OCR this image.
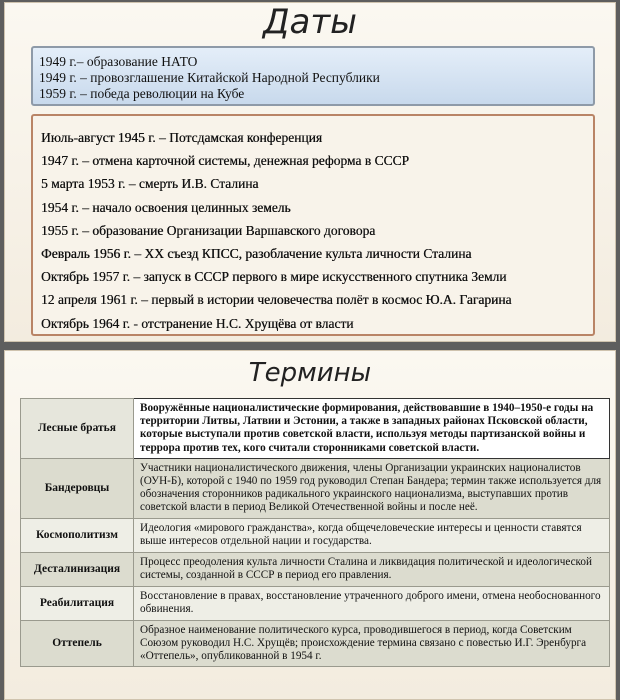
Даты
1949 г.– образование НАТО
1949 г. – провозглашение Китайской Народной Республики
1959 г. – победа революции на Кубе
Июль-август 1945 г. – Потсдамская конференция
1947 г. – отмена карточной системы, денежная реформа в СССР
5 марта 1953 г. – смерть И.В. Сталина
1954 г. – начало освоения целинных земель
1955 г. – образование Организации Варшавского договора
Февраль 1956 г. – ХХ съезд КПСС, разоблачение культа личности Сталина
Октябрь 1957 г. – запуск в СССР первого в мире искусственного спутника Земли
12 апреля 1961 г. – первый в истории человечества полёт в космос Ю.А. Гагарина
Октябрь 1964 г. - отстранение Н.С. Хрущёва от власти
Термины
Лесные братья	Вооружённые националистические формирования, действовавшие в 1940–1950-е годы на территории Литвы, Латвии и Эстонии, а также в западных районах Псковской области, которые выступали против советской власти, используя методы партизанской войны и террора против тех, кого считали сторонниками советской власти.
Бандеровцы	Участники националистического движения, члены Организации украинских националистов (ОУН-Б), которой с 1940 по 1959 год руководил Степан Бандера; термин также используется для обозначения сторонников радикального украинского национализма, выступавших против советской власти в период Великой Отечественной войны и после неё.
Космополитизм	Идеология «мирового гражданства», когда общечеловеческие интересы и ценности ставятся выше интересов отдельной нации и государства.
Десталинизация	Процесс преодоления культа личности Сталина и ликвидация политической и идеологической системы, созданной в СССР в период его правления.
Реабилитация	Восстановление в правах, восстановление утраченного доброго имени, отмена необоснованного обвинения.
Оттепель	Образное наименование политического курса, проводившегося в период, когда Советским Союзом руководил Н.С. Хрущёв; происхождение термина связано с повестью И.Г. Эренбурга «Оттепель», опубликованной в 1954 г.
